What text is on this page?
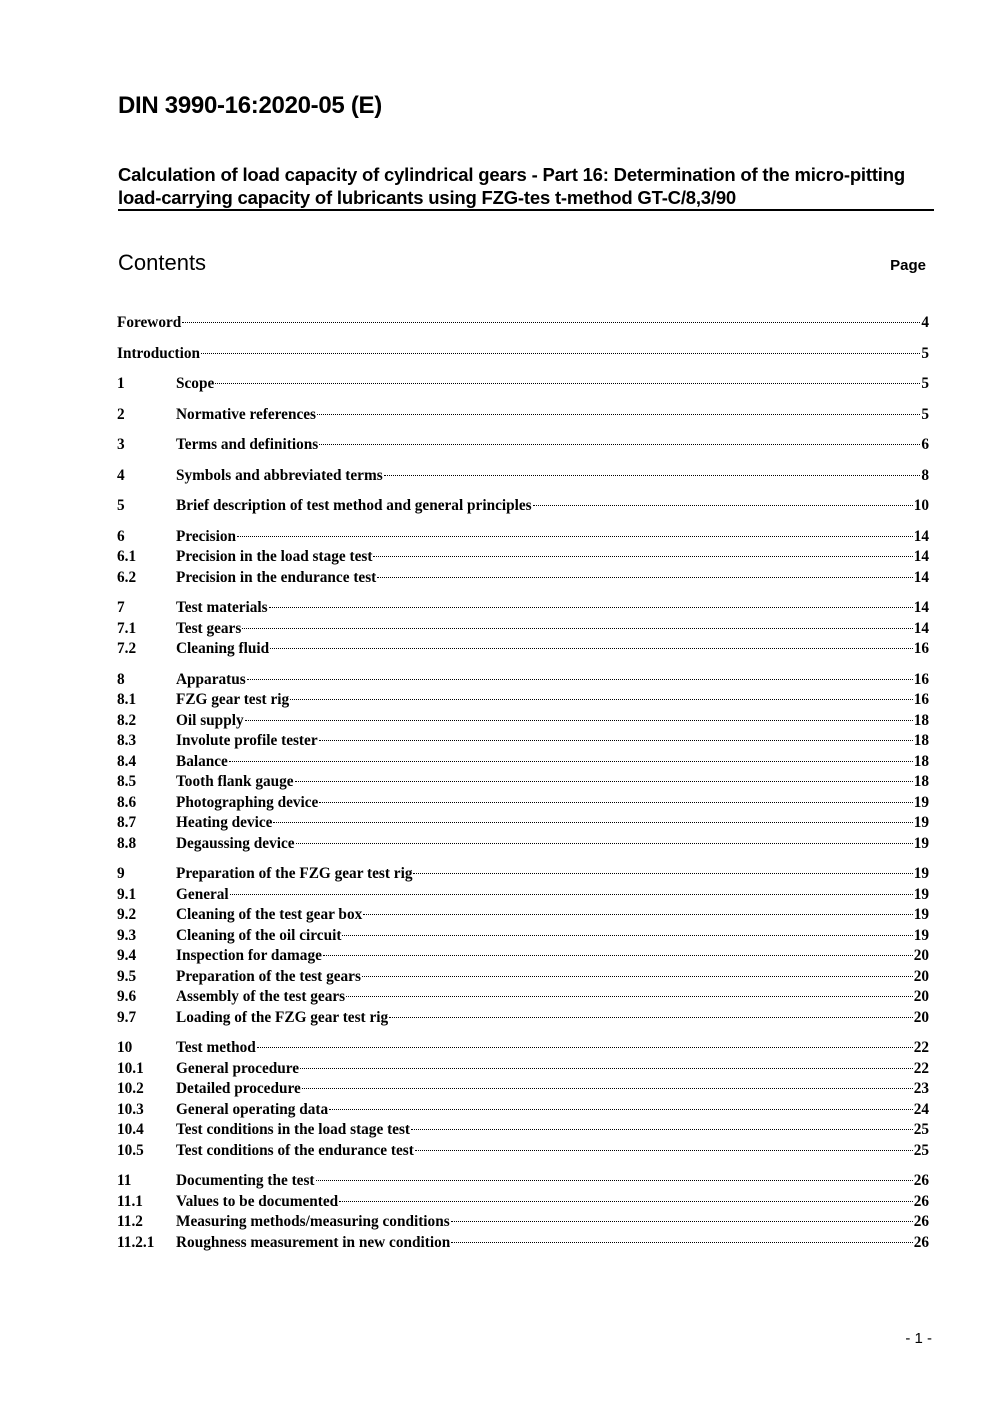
DIN 3990-16:2020-05 (E)
Calculation of load capacity of cylindrical gears - Part 16: Determination of the micro-pitting load-carrying capacity of lubricants using FZG-tes t-method GT-C/8,3/90
Contents	Page
Foreword	4
Introduction	5
1	Scope	5
2	Normative references	5
3	Terms and definitions	6
4	Symbols and abbreviated terms	8
5	Brief description of test method and general principles	10
6	Precision	14
6.1	Precision in the load stage test	14
6.2	Precision in the endurance test	14
7	Test materials	14
7.1	Test gears	14
7.2	Cleaning fluid	16
8	Apparatus	16
8.1	FZG gear test rig	16
8.2	Oil supply	18
8.3	Involute profile tester	18
8.4	Balance	18
8.5	Tooth flank gauge	18
8.6	Photographing device	19
8.7	Heating device	19
8.8	Degaussing device	19
9	Preparation of the FZG gear test rig	19
9.1	General	19
9.2	Cleaning of the test gear box	19
9.3	Cleaning of the oil circuit	19
9.4	Inspection for damage	20
9.5	Preparation of the test gears	20
9.6	Assembly of the test gears	20
9.7	Loading of the FZG gear test rig	20
10	Test method	22
10.1	General procedure	22
10.2	Detailed procedure	23
10.3	General operating data	24
10.4	Test conditions in the load stage test	25
10.5	Test conditions of the endurance test	25
11	Documenting the test	26
11.1	Values to be documented	26
11.2	Measuring methods/measuring conditions	26
11.2.1	Roughness measurement in new condition	26
- 1 -
